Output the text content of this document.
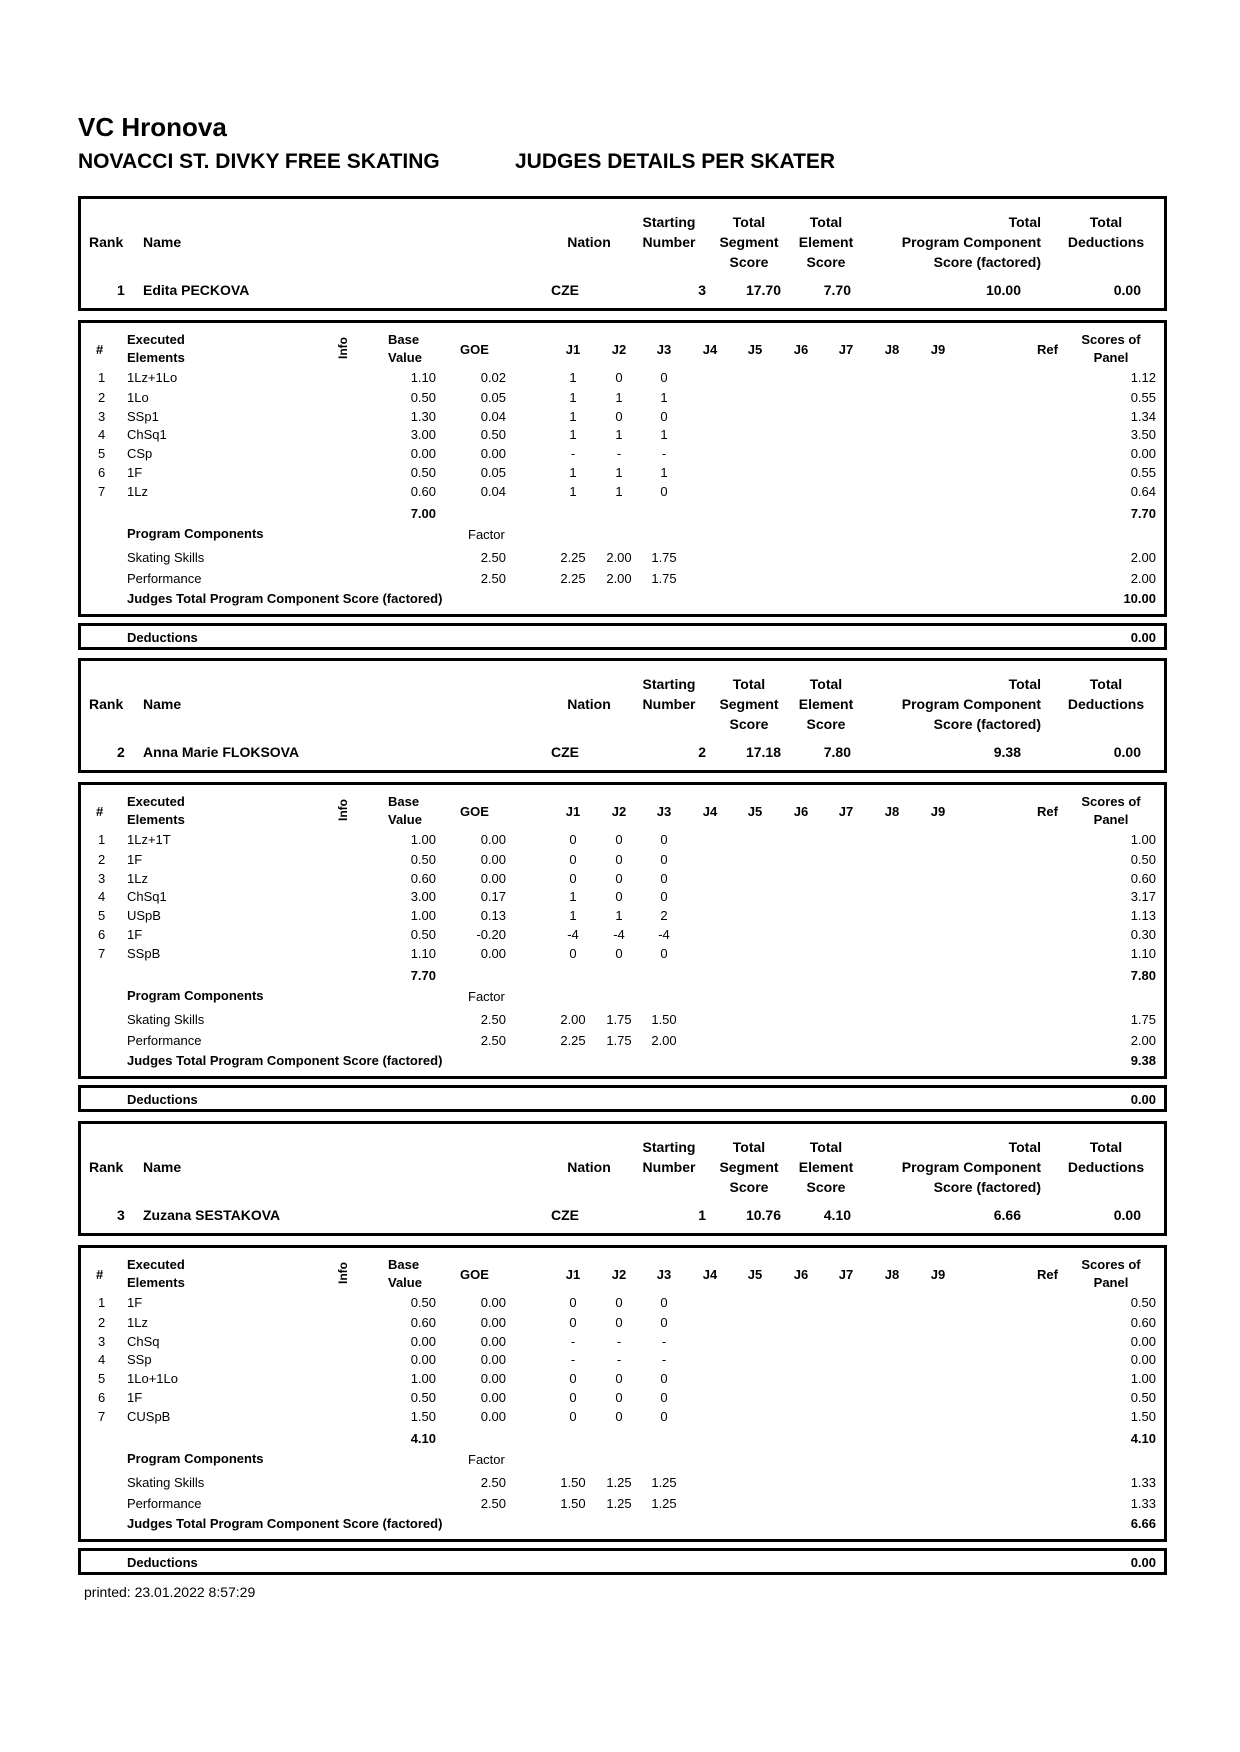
VC Hronova
NOVACCI ST. DIVKY FREE SKATING	JUDGES DETAILS PER SKATER
Rank Name	Nation
Starting
Number
Total
Segment
Score
Total
Element
Score
Total
Program Component
Score (factored)
Total
Deductions
1 Edita PECKOVA	CZE	3	17.70	7.70	10.00	0.00
#
Executed
Elements	Info	Base
Value
GOE	J1	J2	J3	J4	J5	J6	J7	J8	J9	Ref
Scores of
Panel
1 1Lz+1Lo	1.10	0.02	1	0	0	1.12
2 1Lo	0.50	0.05	1	1	1	0.55
3 SSp1	1.30	0.04	1	0	0	1.34
4 ChSq1	3.00	0.50	1	1	1	3.50
5 CSp	0.00	0.00	-	-	-	0.00
6 1F	0.50	0.05	1	1	1	0.55
7 1Lz	0.60	0.04	1	1	0	0.64
7.00	7.70
Program Components	Factor
Skating Skills	2.50	2.25	2.00	1.75	2.00
Performance	2.50	2.25	2.00	1.75	2.00
Judges Total Program Component Score (factored)	10.00
Deductions	0.00
Rank Name	Nation
Starting
Number
Total
Segment
Score
Total
Element
Score
Total
Program Component
Score (factored)
Total
Deductions
2 Anna Marie FLOKSOVA	CZE	2	17.18	7.80	9.38	0.00
#
Executed
Elements	Info	Base
Value
GOE	J1	J2	J3	J4	J5	J6	J7	J8	J9	Ref
Scores of
Panel
1 1Lz+1T	1.00	0.00	0	0	0	1.00
2 1F	0.50	0.00	0	0	0	0.50
3 1Lz	0.60	0.00	0	0	0	0.60
4 ChSq1	3.00	0.17	1	0	0	3.17
5 USpB	1.00	0.13	1	1	2	1.13
6 1F	0.50	-0.20	-4	-4	-4	0.30
7 SSpB	1.10	0.00	0	0	0	1.10
7.70	7.80
Program Components	Factor
Skating Skills	2.50	2.00	1.75	1.50	1.75
Performance	2.50	2.25	1.75	2.00	2.00
Judges Total Program Component Score (factored)	9.38
Deductions	0.00
Rank Name	Nation
Starting
Number
Total
Segment
Score
Total
Element
Score
Total
Program Component
Score (factored)
Total
Deductions
3 Zuzana SESTAKOVA	CZE	1	10.76	4.10	6.66	0.00
#
Executed
Elements	Info	Base
Value
GOE	J1	J2	J3	J4	J5	J6	J7	J8	J9	Ref
Scores of
Panel
1 1F	0.50	0.00	0	0	0	0.50
2 1Lz	0.60	0.00	0	0	0	0.60
3 ChSq	0.00	0.00	-	-	-	0.00
4 SSp	0.00	0.00	-	-	-	0.00
5 1Lo+1Lo	1.00	0.00	0	0	0	1.00
6 1F	0.50	0.00	0	0	0	0.50
7 CUSpB	1.50	0.00	0	0	0	1.50
4.10	4.10
Program Components	Factor
Skating Skills	2.50	1.50	1.25	1.25	1.33
Performance	2.50	1.50	1.25	1.25	1.33
Judges Total Program Component Score (factored)	6.66
Deductions	0.00
printed: 23.01.2022 8:57:29
